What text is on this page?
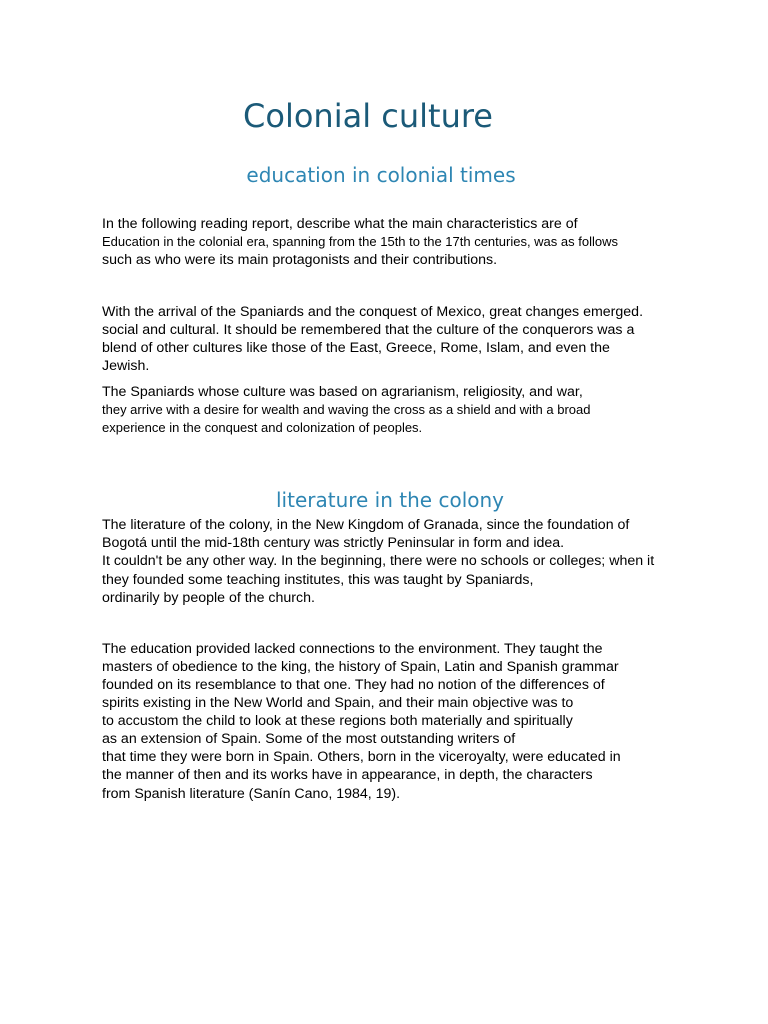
Colonial culture
education in colonial times
In the following reading report, describe what the main characteristics are of
Education in the colonial era, spanning from the 15th to the 17th centuries, was as follows
such as who were its main protagonists and their contributions.
With the arrival of the Spaniards and the conquest of Mexico, great changes emerged.
social and cultural. It should be remembered that the culture of the conquerors was a
blend of other cultures like those of the East, Greece, Rome, Islam, and even the
Jewish.
The Spaniards whose culture was based on agrarianism, religiosity, and war,
they arrive with a desire for wealth and waving the cross as a shield and with a broad
experience in the conquest and colonization of peoples.
literature in the colony
The literature of the colony, in the New Kingdom of Granada, since the foundation of
Bogotá until the mid-18th century was strictly Peninsular in form and idea.
It couldn't be any other way. In the beginning, there were no schools or colleges; when it
they founded some teaching institutes, this was taught by Spaniards,
ordinarily by people of the church.
The education provided lacked connections to the environment. They taught the
masters of obedience to the king, the history of Spain, Latin and Spanish grammar
founded on its resemblance to that one. They had no notion of the differences of
spirits existing in the New World and Spain, and their main objective was to
to accustom the child to look at these regions both materially and spiritually
as an extension of Spain. Some of the most outstanding writers of
that time they were born in Spain. Others, born in the viceroyalty, were educated in
the manner of then and its works have in appearance, in depth, the characters
from Spanish literature (Sanín Cano, 1984, 19).
